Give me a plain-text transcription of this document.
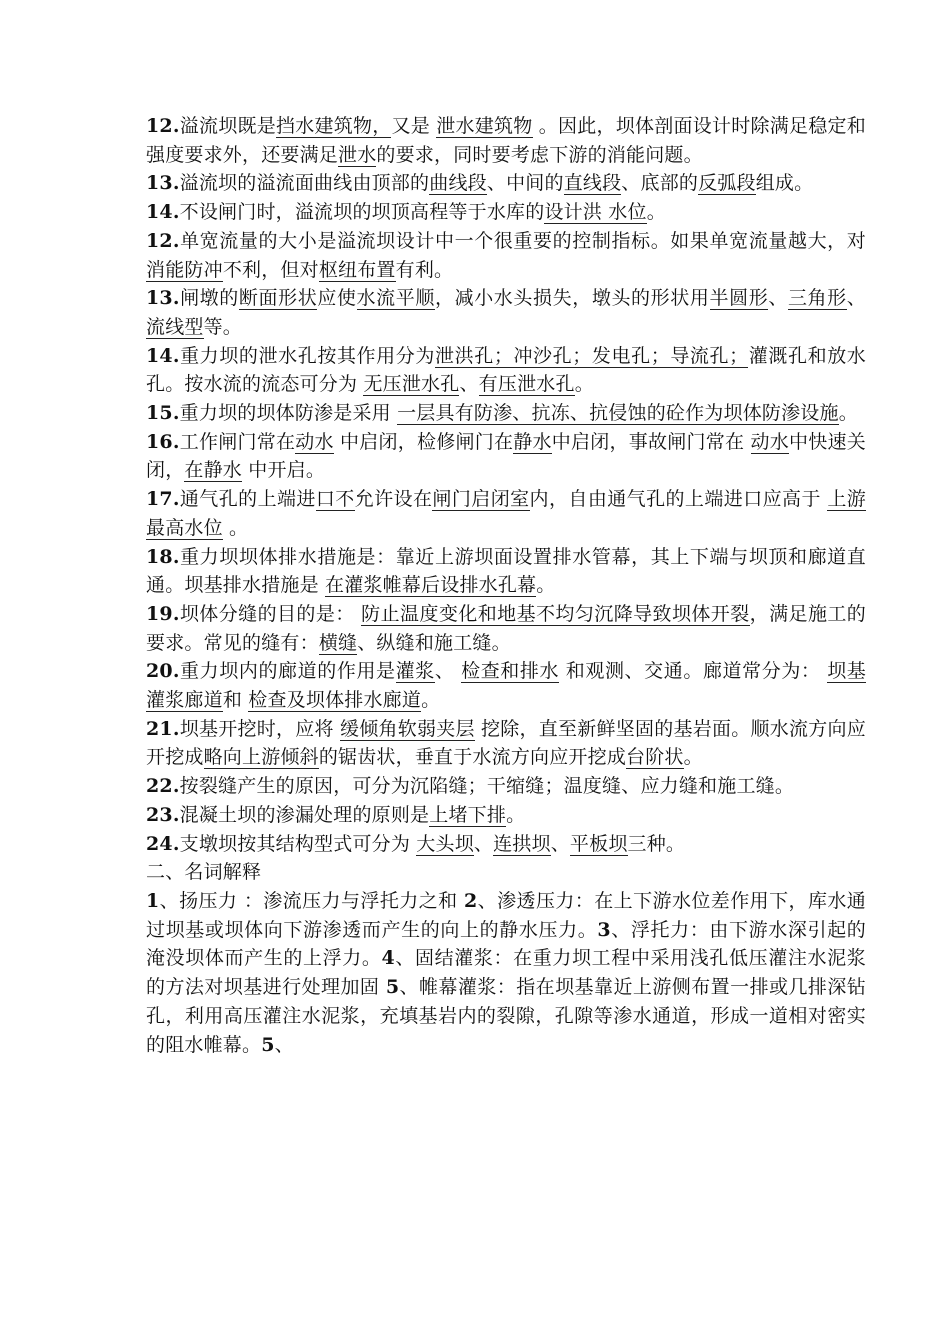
12.溢流坝既是挡水建筑物，又是 泄水建筑物 。因此，坝体剖面设计时除满足稳定和强度要求外，还要满足泄水的要求，同时要考虑下游的消能问题。

13.溢流坝的溢流面曲线由顶部的曲线段、中间的直线段、底部的反弧段组成。

14.不设闸门时，溢流坝的坝顶高程等于水库的设计洪 水位。

12.单宽流量的大小是溢流坝设计中一个很重要的控制指标。如果单宽流量越大，对 消能防冲不利，但对枢纽布置有利。

13.闸墩的断面形状应使水流平顺，减小水头损失，墩头的形状用半圆形、三角形、 流线型等。

14.重力坝的泄水孔按其作用分为泄洪孔；冲沙孔；发电孔；导流孔；灌溉孔和放水孔。按水流的流态可分为 无压泄水孔、有压泄水孔。

15.重力坝的坝体防渗是采用 一层具有防渗、抗冻、抗侵蚀的砼作为坝体防渗设施。

16.工作闸门常在动水 中启闭，检修闸门在静水中启闭，事故闸门常在 动水中快速关闭，在静水 中开启。

17.通气孔的上端进口不允许设在闸门启闭室内，自由通气孔的上端进口应高于 上游最高水位 。

18.重力坝坝体排水措施是：靠近上游坝面设置排水管幕，其上下端与坝顶和廊道直通。坝基排水措施是 在灌浆帷幕后设排水孔幕。

19.坝体分缝的目的是： 防止温度变化和地基不均匀沉降导致坝体开裂，满足施工的要求。常见的缝有：横缝、纵缝和施工缝。

20.重力坝内的廊道的作用是灌浆、 检查和排水 和观测、交通。廊道常分为： 坝基灌浆廊道和 检查及坝体排水廊道。

21.坝基开挖时，应将 缓倾角软弱夹层 挖除，直至新鲜坚固的基岩面。顺水流方向应开挖成略向上游倾斜的锯齿状，垂直于水流方向应开挖成台阶状。

22.按裂缝产生的原因，可分为沉陷缝；干缩缝；温度缝、应力缝和施工缝。

23.混凝土坝的渗漏处理的原则是上堵下排。

24.支墩坝按其结构型式可分为 大头坝、连拱坝、平板坝三种。

二、名词解释

1、扬压力 ：渗流压力与浮托力之和 2、渗透压力：在上下游水位差作用下，库水通过坝基或坝体向下游渗透而产生的向上的静水压力。3、浮托力：由下游水深引起的淹没坝体而产生的上浮力。4、固结灌浆：在重力坝工程中采用浅孔低压灌注水泥浆的方法对坝基进行处理加固 5、帷幕灌浆：指在坝基靠近上游侧布置一排或几排深钻孔，利用高压灌注水泥浆，充填基岩内的裂隙，孔隙等渗水通道，形成一道相对密实的阻水帷幕。5、
